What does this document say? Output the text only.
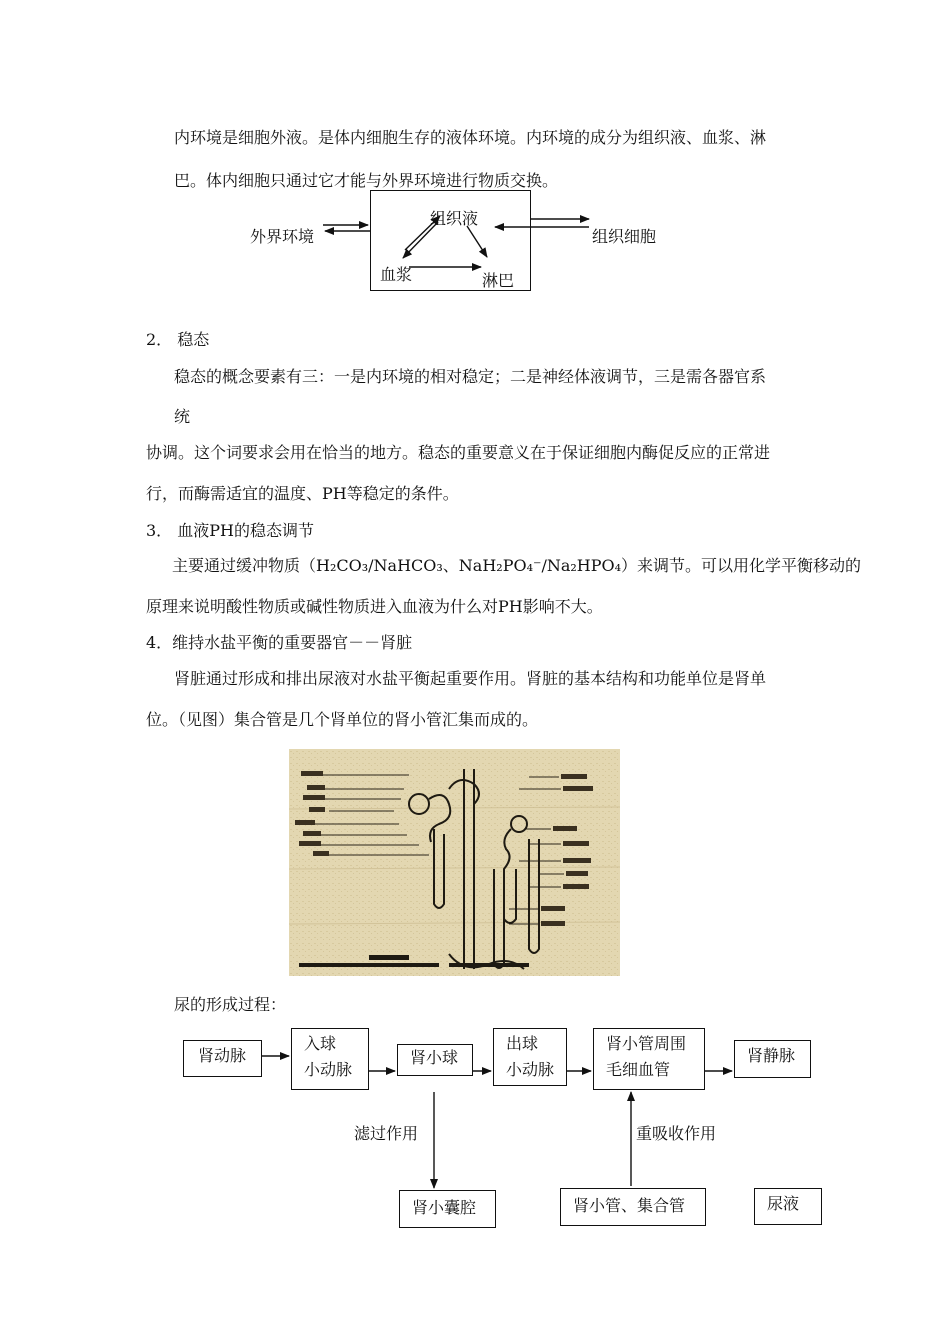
内环境是细胞外液。是体内细胞生存的液体环境。内环境的成分为组织液、血浆、淋
巴。体内细胞只通过它才能与外界环境进行物质交换。
外界环境
组织液
血浆	淋巴
组织细胞
2． 稳态
稳态的概念要素有三：一是内环境的相对稳定；二是神经体液调节，三是需各器官系
统
协调。这个词要求会用在恰当的地方。稳态的重要意义在于保证细胞内酶促反应的正常进
行，而酶需适宜的温度、PH等稳定的条件。
3． 血液PH的稳态调节
主要通过缓冲物质（H₂CO₃/NaHCO₃、NaH₂PO₄⁻/Na₂HPO₄）来调节。可以用化学平衡移动的
原理来说明酸性物质或碱性物质进入血液为什么对PH影响不大。
4．维持水盐平衡的重要器官－－肾脏
肾脏通过形成和排出尿液对水盐平衡起重要作用。肾脏的基本结构和功能单位是肾单
位。（见图）集合管是几个肾单位的肾小管汇集而成的。
尿的形成过程：
肾动脉
入球
小动脉
肾小球
出球
小动脉
肾小管周围
毛细血管
肾静脉
滤过作用	重吸收作用
肾小囊腔	肾小管、集合管	尿液
